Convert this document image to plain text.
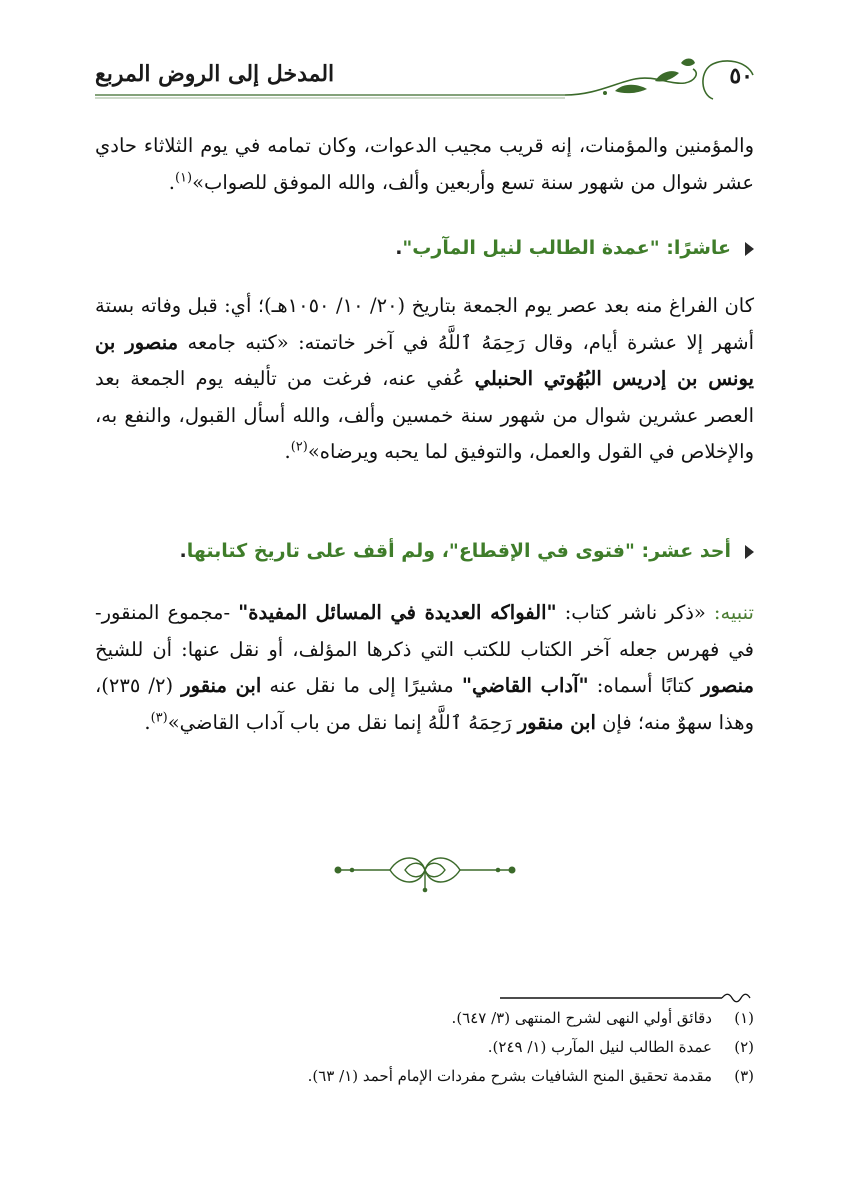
٥٠
المدخل إلى الروض المربع
والمؤمنين والمؤمنات، إنه قريب مجيب الدعوات، وكان تمامه في يوم الثلاثاء حادي عشر شوال من شهور سنة تسع وأربعين وألف، والله الموفق للصواب»$^{(١)}$.
عاشرًا: "عمدة الطالب لنيل المآرب".
كان الفراغ منه بعد عصر يوم الجمعة بتاريخ (٢٠/ ١٠/ ١٠٥٠هـ)؛ أي: قبل وفاته بستة أشهر إلا عشرة أيام، وقال رَحِمَهُ ٱللَّهُ في آخر خاتمته: «كتبه جامعه منصور بن يونس بن إدريس البُهُوتي الحنبلي عُفي عنه، فرغت من تأليفه يوم الجمعة بعد العصر عشرين شوال من شهور سنة خمسين وألف، والله أسأل القبول، والنفع به، والإخلاص في القول والعمل، والتوفيق لما يحبه ويرضاه»$^{(٢)}$.
أحد عشر: "فتوى في الإقطاع"، ولم أقف على تاريخ كتابتها.
تنبيه: «ذكر ناشر كتاب: "الفواكه العديدة في المسائل المفيدة" -مجموع المنقور- في فهرس جعله آخر الكتاب للكتب التي ذكرها المؤلف، أو نقل عنها: أن للشيخ منصور كتابًا أسماه: "آداب القاضي" مشيرًا إلى ما نقل عنه ابن منقور (٢/ ٢٣٥)، وهذا سهوٌ منه؛ فإن ابن منقور رَحِمَهُ ٱللَّهُ إنما نقل من باب آداب القاضي»$^{(٣)}$.
(١)
دقائق أولي النهى لشرح المنتهى (٣/ ٦٤٧).
(٢)
عمدة الطالب لنيل المآرب (١/ ٢٤٩).
(٣)
مقدمة تحقيق المنح الشافيات بشرح مفردات الإمام أحمد (١/ ٦٣).
